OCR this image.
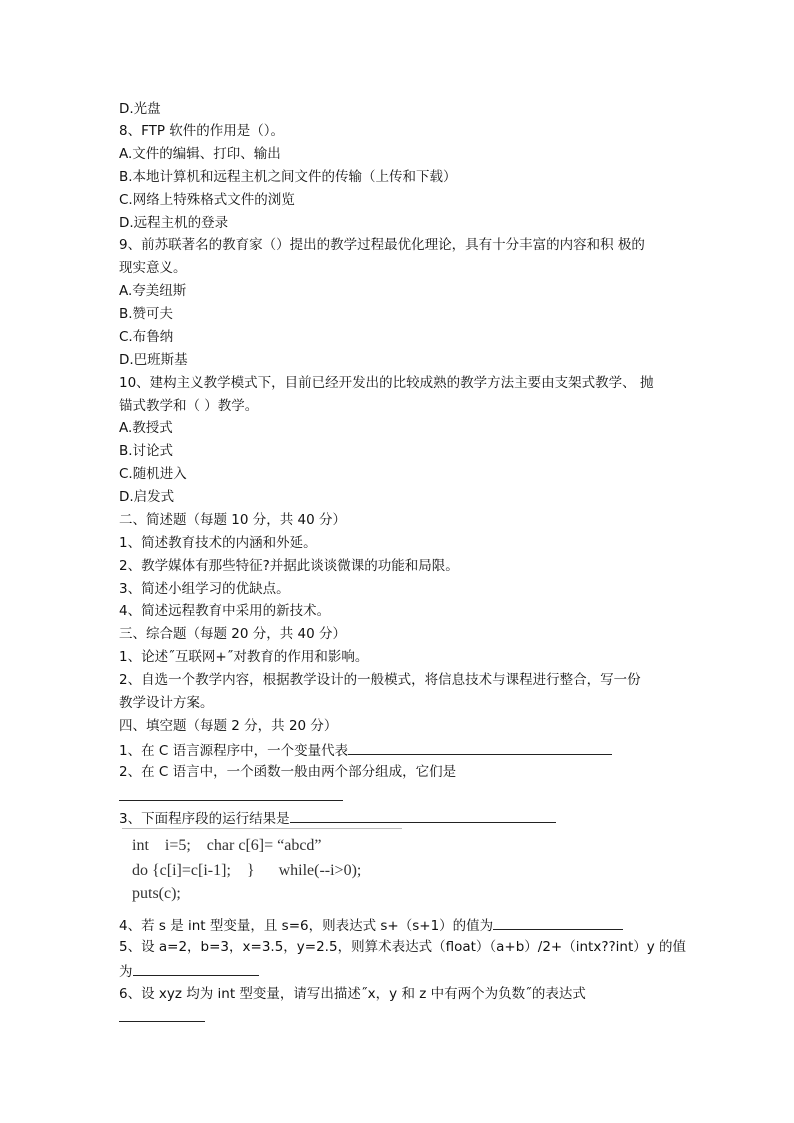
D.光盘
8、FTP 软件的作用是（）。
A.文件的编辑、打印、输出
B.本地计算机和远程主机之间文件的传输（上传和下载）
C.网络上特殊格式文件的浏览
D.远程主机的登录
9、前苏联著名的教育家（）提出的教学过程最优化理论，具有十分丰富的内容和积 极的
现实意义。
A.夸美纽斯
B.赞可夫
C.布鲁纳
D.巴班斯基
10、建构主义教学模式下，目前已经开发出的比较成熟的教学方法主要由支架式教学、 抛
锚式教学和（ ）教学。
A.教授式
B.讨论式
C.随机进入
D.启发式
二、简述题（每题 10 分，共 40 分）
1、简述教育技术的内涵和外延。
2、教学媒体有那些特征?并据此谈谈微课的功能和局限。
3、简述小组学习的优缺点。
4、简述远程教育中采用的新技术。
三、综合题（每题 20 分，共 40 分）
1、论述˝互联网+˝对教育的作用和影响。
2、自选一个教学内容，根据教学设计的一般模式，将信息技术与课程进行整合，写一份
教学设计方案。
四、填空题（每题 2 分，共 20 分）
1、在 C 语言源程序中，一个变量代表
2、在 C 语言中，一个函数一般由两个部分组成，它们是
3、下面程序段的运行结果是
int    i=5;    char c[6]= “abcd”
do {c[i]=c[i-1];    }      while(--i>0);
puts(c);
4、若 s 是 int 型变量，且 s=6，则表达式 s+（s+1）的值为
5、设 a=2，b=3，x=3.5，y=2.5，则算术表达式（float）（a+b）/2+（intx??int）y 的值
为
6、设 xyz 均为 int 型变量，请写出描述˝x，y 和 z 中有两个为负数˝的表达式
